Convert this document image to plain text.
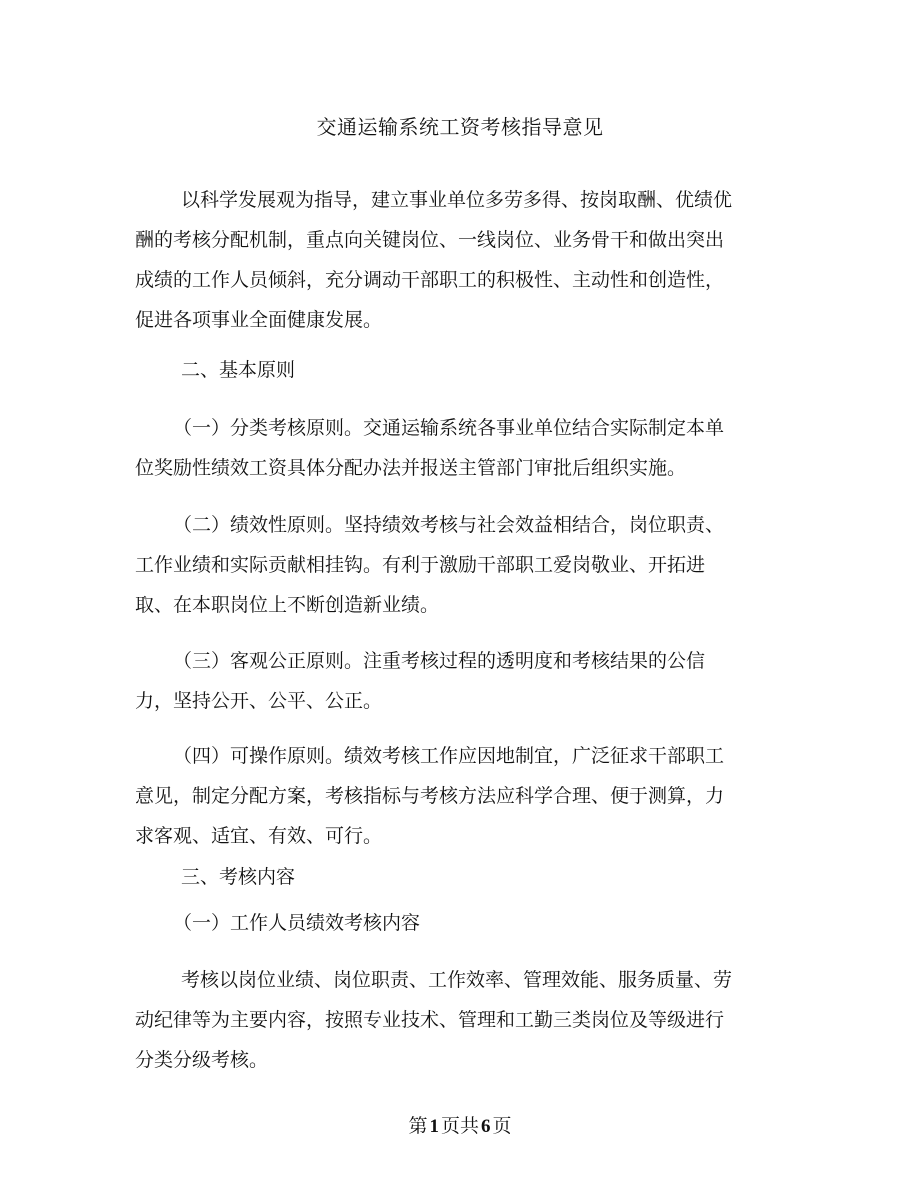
交通运输系统工资考核指导意见

以科学发展观为指导，建立事业单位多劳多得、按岗取酬、优绩优酬的考核分配机制，重点向关键岗位、一线岗位、业务骨干和做出突出成绩的工作人员倾斜，充分调动干部职工的积极性、主动性和创造性，促进各项事业全面健康发展。

二、基本原则

（一）分类考核原则。交通运输系统各事业单位结合实际制定本单位奖励性绩效工资具体分配办法并报送主管部门审批后组织实施。

（二）绩效性原则。坚持绩效考核与社会效益相结合，岗位职责、工作业绩和实际贡献相挂钩。有利于激励干部职工爱岗敬业、开拓进取、在本职岗位上不断创造新业绩。

（三）客观公正原则。注重考核过程的透明度和考核结果的公信力，坚持公开、公平、公正。

（四）可操作原则。绩效考核工作应因地制宜，广泛征求干部职工意见，制定分配方案，考核指标与考核方法应科学合理、便于测算，力求客观、适宜、有效、可行。

三、考核内容

（一）工作人员绩效考核内容

考核以岗位业绩、岗位职责、工作效率、管理效能、服务质量、劳动纪律等为主要内容，按照专业技术、管理和工勤三类岗位及等级进行分类分级考核。

第 1 页共 6 页
